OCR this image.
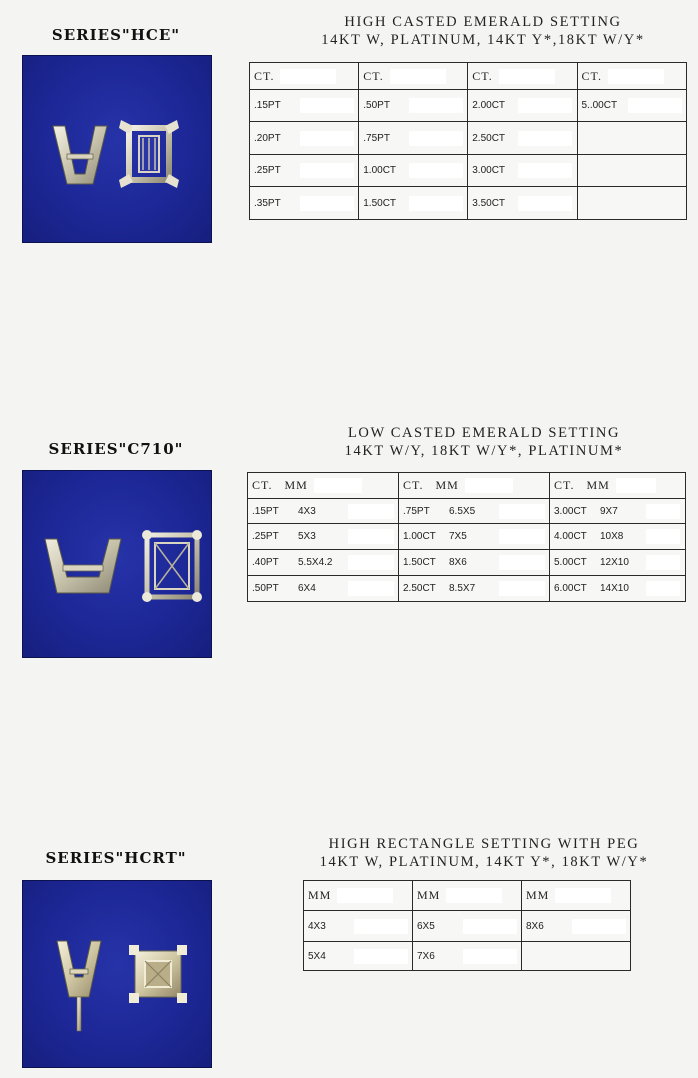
SERIES"HCE"
HIGH CASTED EMERALD SETTING
14KT W, PLATINUM, 14KT Y*,18KT W/Y*
CT.	CT.	CT.	CT.

.15PT	.50PT	2.00CT	5..00CT

.20PT	.75PT	2.50CT	

.25PT	1.00CT	3.00CT	

.35PT	1.50CT	3.50CT	

SERIES"C710"
LOW CASTED EMERALD SETTING
14KT W/Y, 18KT W/Y*, PLATINUM*
CT.   MM	CT.   MM	CT.   MM

.15PT 4X3	.75PT 6.5X5	3.00CT 9X7

.25PT 5X3	1.00CT 7X5	4.00CT 10X8

.40PT 5.5X4.2	1.50CT 8X6	5.00CT 12X10

.50PT 6X4	2.50CT 8.5X7	6.00CT 14X10
SERIES"HCRT"
HIGH RECTANGLE SETTING WITH PEG
14KT W, PLATINUM, 14KT Y*, 18KT W/Y*
MM	MM	MM

4X3	6X5	8X6

5X4	7X6	
